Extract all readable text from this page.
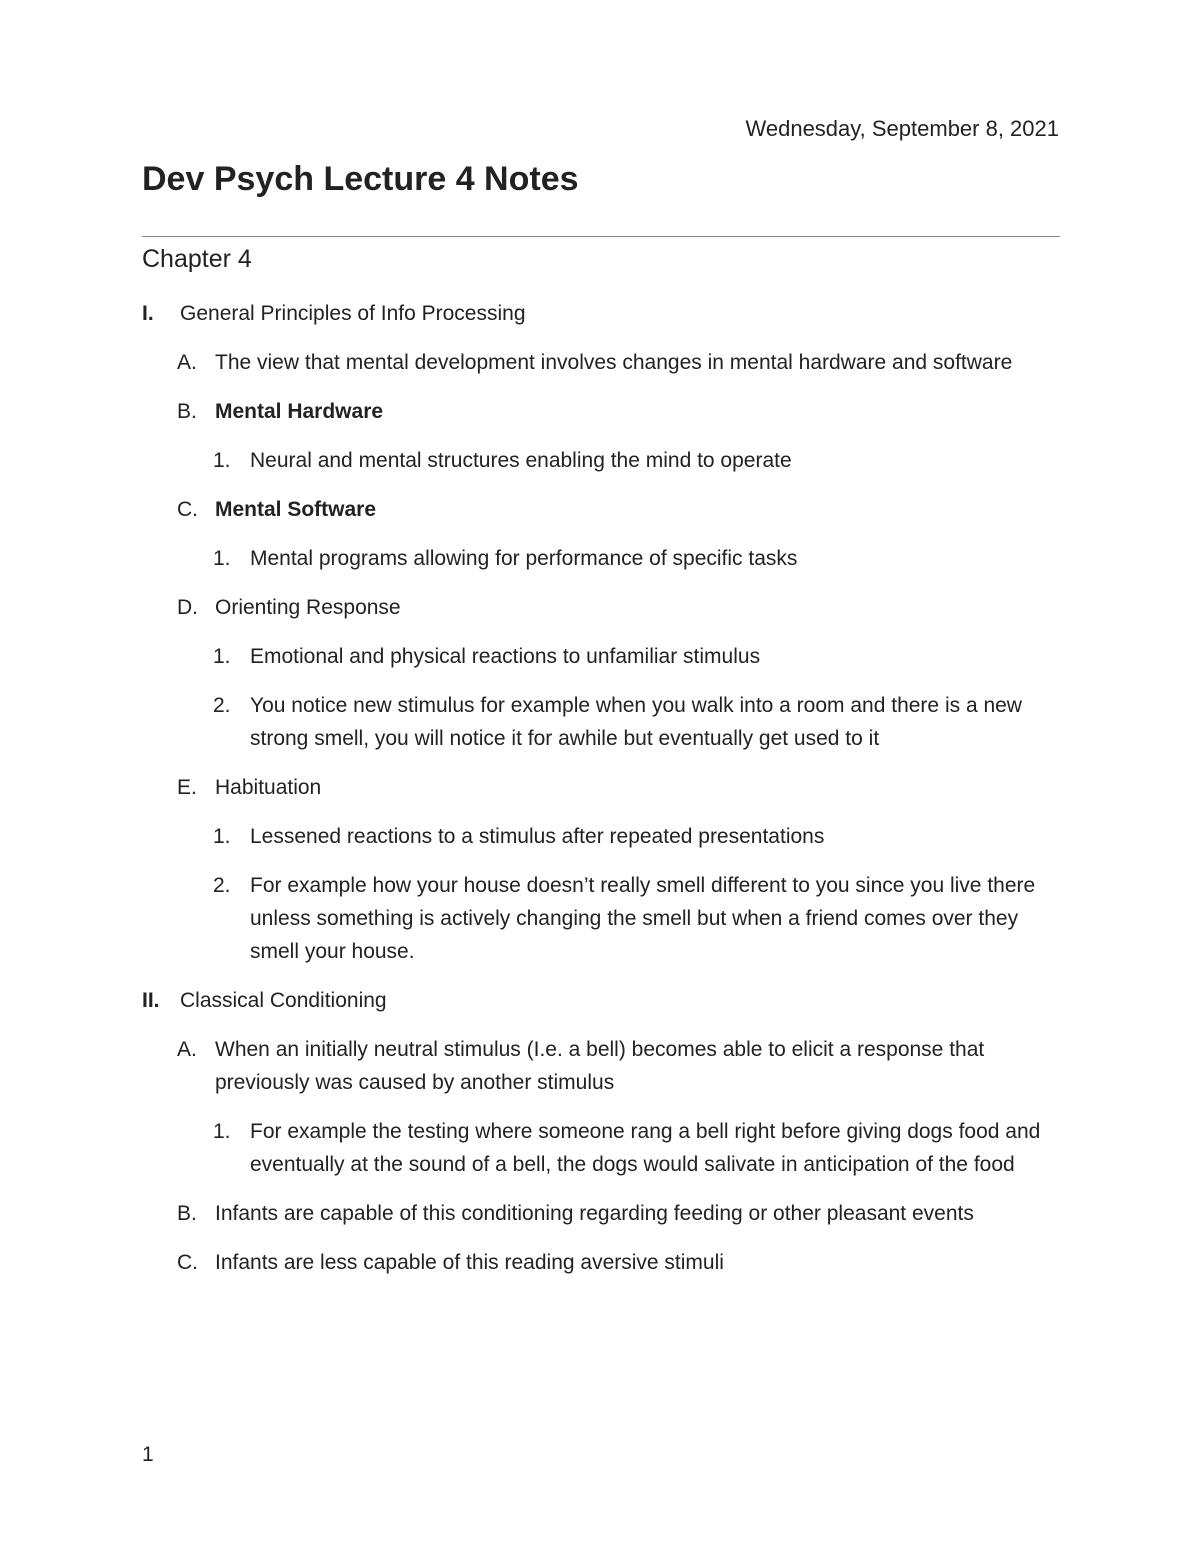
Wednesday, September 8, 2021
Dev Psych Lecture 4 Notes
Chapter 4
I. General Principles of Info Processing
A. The view that mental development involves changes in mental hardware and software
B. Mental Hardware
1. Neural and mental structures enabling the mind to operate
C. Mental Software
1. Mental programs allowing for performance of specific tasks
D. Orienting Response
1. Emotional and physical reactions to unfamiliar stimulus
2. You notice new stimulus for example when you walk into a room and there is a new strong smell, you will notice it for awhile but eventually get used to it
E. Habituation
1. Lessened reactions to a stimulus after repeated presentations
2. For example how your house doesn’t really smell different to you since you live there unless something is actively changing the smell but when a friend comes over they smell your house.
II. Classical Conditioning
A. When an initially neutral stimulus (I.e. a bell) becomes able to elicit a response that previously was caused by another stimulus
1. For example the testing where someone rang a bell right before giving dogs food and eventually at the sound of a bell, the dogs would salivate in anticipation of the food
B. Infants are capable of this conditioning regarding feeding or other pleasant events
C. Infants are less capable of this reading aversive stimuli
1
